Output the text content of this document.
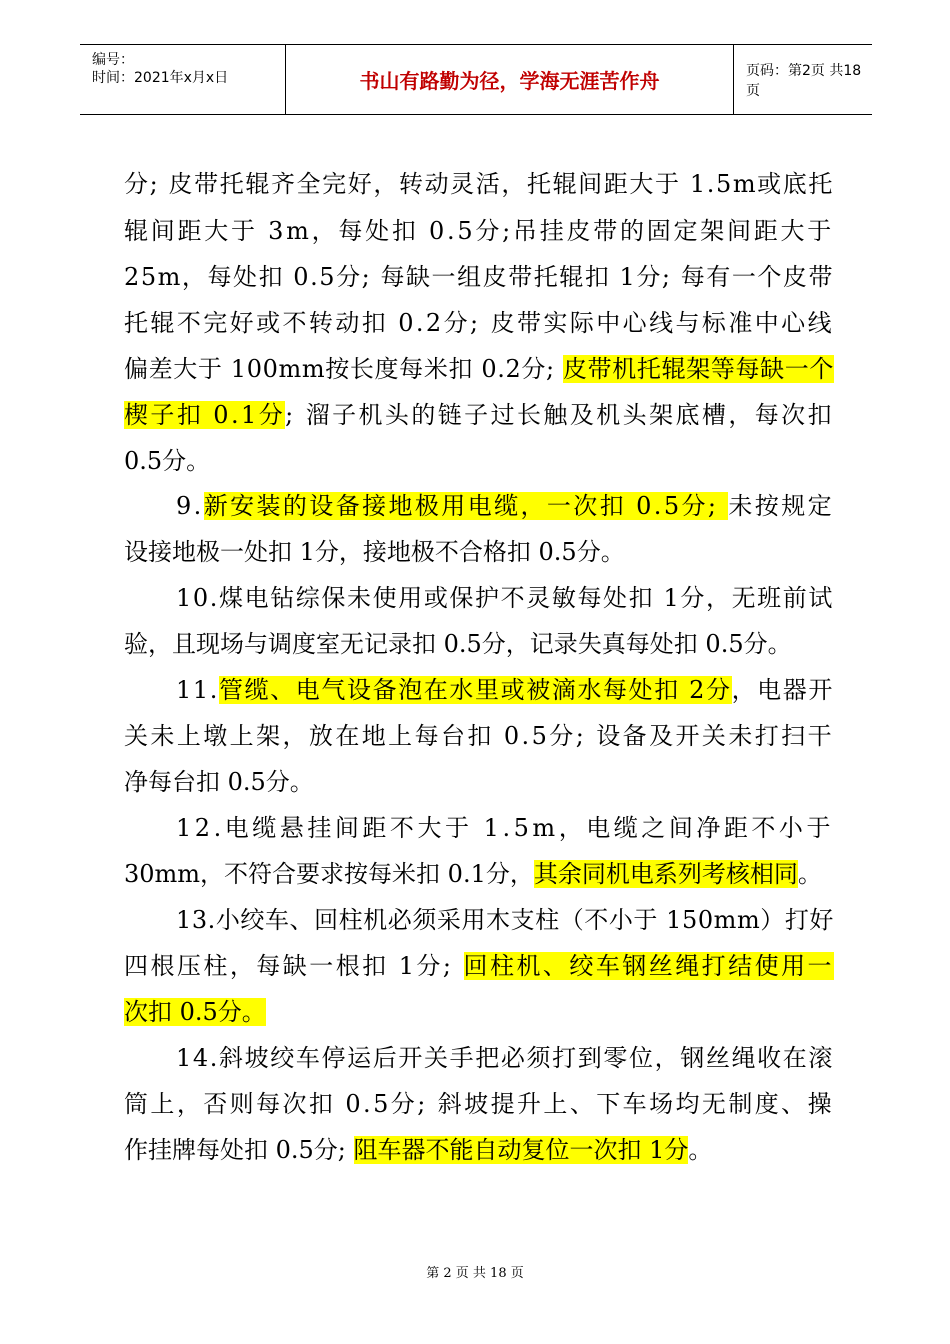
编号：
时间：2021年x月x日	书山有路勤为径，学海无涯苦作舟	页码：第2页 共18页
分; 皮带托辊齐全完好，转动灵活，托辊间距大于 1.5m或底托
辊间距大于 3m，每处扣 0.5分;吊挂皮带的固定架间距大于
25m，每处扣 0.5分; 每缺一组皮带托辊扣 1分; 每有一个皮带
托辊不完好或不转动扣 0.2分; 皮带实际中心线与标准中心线
偏差大于 100mm按长度每米扣 0.2分; 皮带机托辊架等每缺一个
楔子扣 0.1分; 溜子机头的链子过长触及机头架底槽，每次扣
0.5分。
9.新安装的设备接地极用电缆，一次扣 0.5分; 未按规定
设接地极一处扣 1分，接地极不合格扣 0.5分。
10.煤电钻综保未使用或保护不灵敏每处扣 1分，无班前试
验，且现场与调度室无记录扣 0.5分，记录失真每处扣 0.5分。
11.管缆、电气设备泡在水里或被滴水每处扣 2分，电器开
关未上墩上架，放在地上每台扣 0.5分; 设备及开关未打扫干
净每台扣 0.5分。
12.电缆悬挂间距不大于 1.5m，电缆之间净距不小于
30mm，不符合要求按每米扣 0.1分，其余同机电系列考核相同。
13.小绞车、回柱机必须采用木支柱（不小于 150mm）打好
四根压柱，每缺一根扣 1分; 回柱机、绞车钢丝绳打结使用一
次扣 0.5分。
14.斜坡绞车停运后开关手把必须打到零位，钢丝绳收在滚
筒上，否则每次扣 0.5分; 斜坡提升上、下车场均无制度、操
作挂牌每处扣 0.5分; 阻车器不能自动复位一次扣 1分。
第 2 页 共 18 页
